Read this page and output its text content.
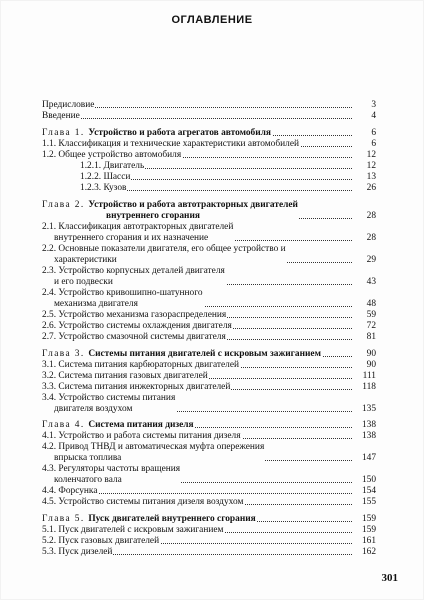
ОГЛАВЛЕНИЕ
Предисловие	3
Введение	4
Глава 1. Устройство и работа агрегатов автомобиля	6
1.1. Классификация и технические характеристики автомобилей	6
1.2. Общее устройство автомобиля	12
1.2.1. Двигатель	12
1.2.2. Шасси	13
1.2.3. Кузов	26
Глава 2. Устройство и работа автотракторных двигателей
внутреннего сгорания	28
2.1. Классификация автотракторных двигателей
внутреннего сгорания и их назначение	28
2.2. Основные показатели двигателя, его общее устройство и
характеристики	29
2.3. Устройство корпусных деталей двигателя
и его подвески	43
2.4. Устройство кривошипно-шатунного
механизма двигателя	48
2.5. Устройство механизма газораспределения	59
2.6. Устройство системы охлаждения двигателя	72
2.7. Устройство смазочной системы двигателя	81
Глава 3. Системы питания двигателей с искровым зажиганием	90
3.1. Система питания карбюраторных двигателей	90
3.2. Система питания газовых двигателей	111
3.3. Система питания инжекторных двигателей	118
3.4. Устройство системы питания
двигателя воздухом	135
Глава 4. Система питания дизеля	138
4.1. Устройство и работа системы питания дизеля	138
4.2. Привод ТНВД и автоматическая муфта опережения
впрыска топлива	147
4.3. Регуляторы частоты вращения
коленчатого вала	150
4.4. Форсунка	154
4.5. Устройство системы питания дизеля воздухом	155
Глава 5. Пуск двигателей внутреннего сгорания	159
5.1. Пуск двигателей с искровым зажиганием	159
5.2. Пуск газовых двигателей	161
5.3. Пуск дизелей	162
301
